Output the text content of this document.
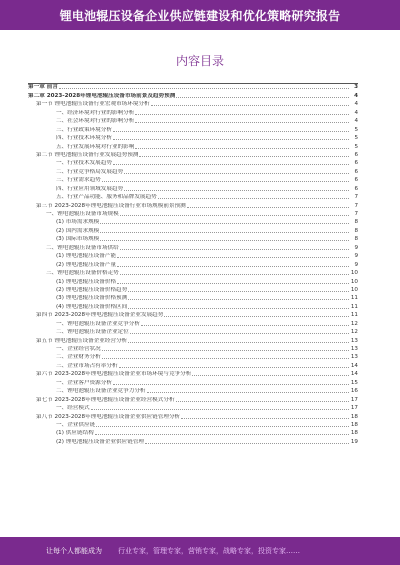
锂电池辊压设备企业供应链建设和优化策略研究报告
内容目录
第一章 前言	3
第二章 2023-2028年锂电池辊压设备市场前景及趋势预测	4
第一节 锂电池辊压设备行业宏观市场环境分析	4
一、经济环境对行业的影响分析	4
二、社会环境对行业的影响分析	4
三、行业政策环境分析	5
四、行业技术环境分析	5
五、行业发展环境对行业的影响	5
第二节 锂电池辊压设备行业发展趋势预测	6
一、行业技术发展趋势	6
二、行业竞争格局发展趋势	6
三、行业需求趋势	6
四、行业应用领域发展趋势	6
五、行业产品功能、服务和品牌发展趋势	7
第三节 2023-2028年锂电池辊压设备行业市场规模前景预测	7
一、锂电池辊压设备市场规模	7
(1) 市场需求规模	8
(2) 国内需求规模	8
(3) 国际市场规模	8
二、锂电池辊压设备市场供给	9
(1) 锂电池辊压设备产能	9
(2) 锂电池辊压设备产量	9
三、锂电池辊压设备价格走势	10
(1) 锂电池辊压设备价格	10
(2) 锂电池辊压设备价格趋势	10
(3) 锂电池辊压设备价格预测	11
(4) 锂电池辊压设备价格区间	11
第四节 2023-2028年锂电池辊压设备企业发展趋势	11
一、锂电池辊压设备企业竞争分析	12
二、锂电池辊压设备企业定位	12
第五节 锂电池辊压设备企业经营分析	13
一、企业经营状况	13
二、企业财务分析	13
三、企业市场占有率分析	14
第六节 2023-2028年锂电池辊压设备企业市场环境与竞争分析	14
一、企业客户资源分析	15
二、锂电池辊压设备企业竞争力分析	16
第七节 2023-2028年锂电池辊压设备企业经营模式分析	17
一、经营模式	17
第八节 2023-2028年锂电池辊压设备企业供应链管理分析	18
一、企业供应链	18
(1) 供应链结构	18
(2) 锂电池辊压设备企业供应链管理	19
让每个人都能成为 行业专家，管理专家，营销专家，战略专家，投资专家……
